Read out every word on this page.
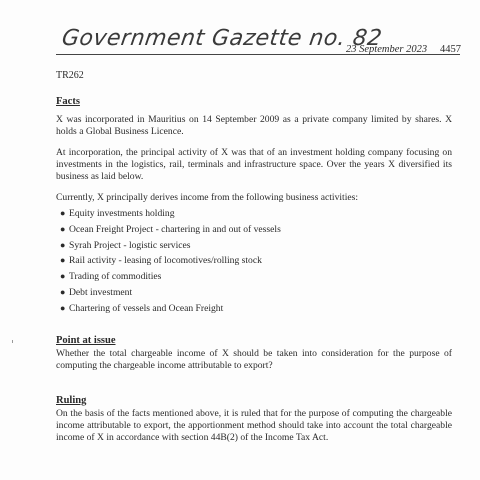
Government Gazette no. 82
23 September 2023 4457
TR262
Facts
X was incorporated in Mauritius on 14 September 2009 as a private company limited by shares. X holds a Global Business Licence.
At incorporation, the principal activity of X was that of an investment holding company focusing on investments in the logistics, rail, terminals and infrastructure space. Over the years X diversified its business as laid below.
Currently, X principally derives income from the following business activities:
● Equity investments holding
● Ocean Freight Project - chartering in and out of vessels
● Syrah Project - logistic services
● Rail activity - leasing of locomotives/rolling stock
● Trading of commodities
● Debt investment
● Chartering of vessels and Ocean Freight
Point at issue
Whether the total chargeable income of X should be taken into consideration for the purpose of computing the chargeable income attributable to export?
Ruling
On the basis of the facts mentioned above, it is ruled that for the purpose of computing the chargeable income attributable to export, the apportionment method should take into account the total chargeable income of X in accordance with section 44B(2) of the Income Tax Act.
